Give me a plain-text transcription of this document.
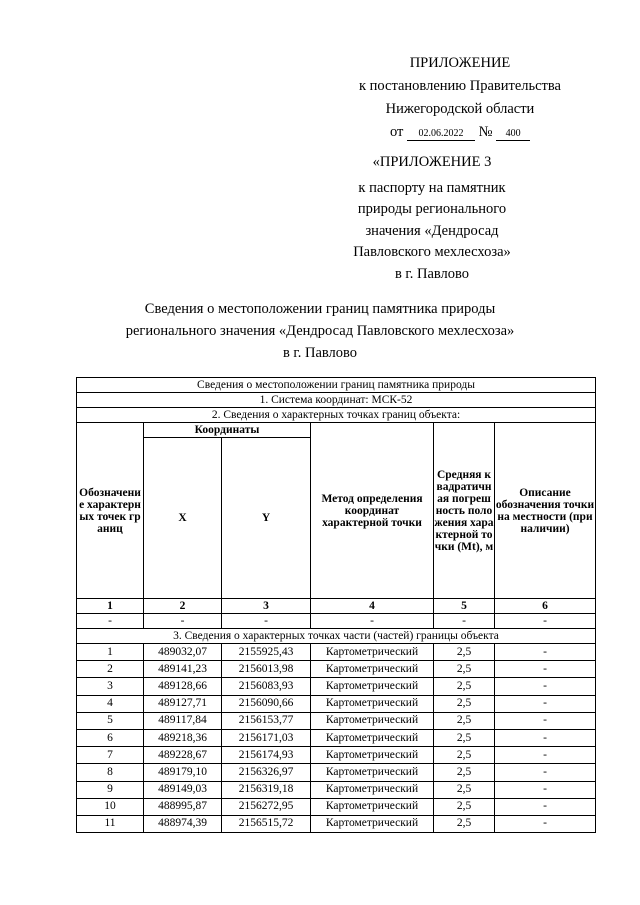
ПРИЛОЖЕНИЕ
к постановлению Правительства
Нижегородской области
от 02.06.2022 № 400
«ПРИЛОЖЕНИЕ 3
к паспорту на памятник
природы регионального
значения «Дендросад
Павловского мехлесхоза»
в г. Павлово
Сведения о местоположении границ памятника природы
регионального значения «Дендросад Павловского мехлесхоза»
в г. Павлово
Сведения о местоположении границ памятника природы					
1. Система координат: МСК-52					
2. Сведения о характерных точках границ объекта:					
Обозначение характерных точек границ	Координаты		Метод определения координат характерной точки	Средняя квадратичная погрешность положения характерной точки (Mt), м	Описание обозначения точки на местности (при наличии)
	X	Y			
1	2	3	4	5	6
-	-	-	-	-	-
3. Сведения о характерных точках части (частей) границы объекта					
1	489032,07	2155925,43	Картометрический	2,5	-
2	489141,23	2156013,98	Картометрический	2,5	-
3	489128,66	2156083,93	Картометрический	2,5	-
4	489127,71	2156090,66	Картометрический	2,5	-
5	489117,84	2156153,77	Картометрический	2,5	-
6	489218,36	2156171,03	Картометрический	2,5	-
7	489228,67	2156174,93	Картометрический	2,5	-
8	489179,10	2156326,97	Картометрический	2,5	-
9	489149,03	2156319,18	Картометрический	2,5	-
10	488995,87	2156272,95	Картометрический	2,5	-
11	488974,39	2156515,72	Картометрический	2,5	-
